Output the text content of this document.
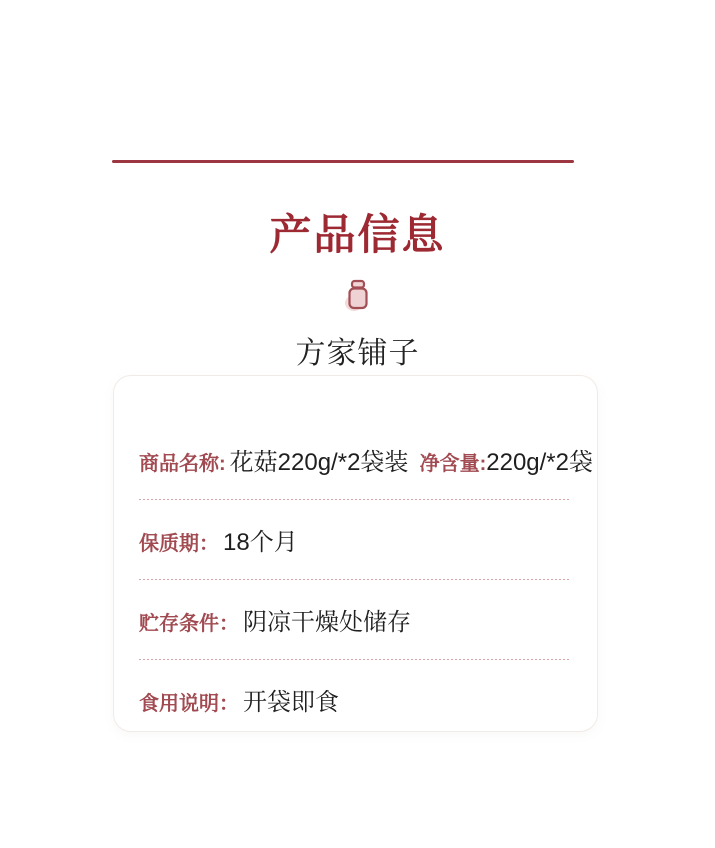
产品信息
方家铺子
商品名称: 花菇220g/*2袋装 净含量: 220g/*2袋
保质期： 18个月
贮存条件： 阴凉干燥处储存
食用说明： 开袋即食
